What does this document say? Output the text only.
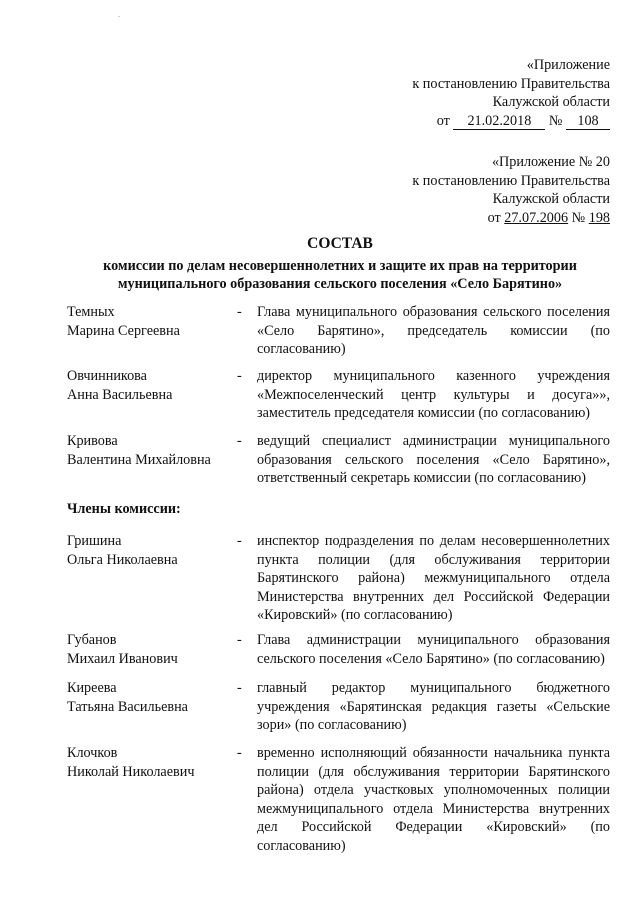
.
«Приложение
к постановлению Правительства
Калужской области
от 21.02.2018 № 108
«Приложение № 20
к постановлению Правительства
Калужской области
от 27.07.2006 № 198
СОСТАВ
комиссии по делам несовершеннолетних и защите их прав на территории
муниципального образования сельского поселения «Село Барятино»
Темных
Марина Сергеевна
- Глава муниципального образования сельского поселения «Село Барятино», председатель комиссии (по согласованию)
Овчинникова
Анна Васильевна
- директор муниципального казенного учреждения «Межпоселенческий центр культуры и досуга»», заместитель председателя комиссии (по согласованию)
Кривова
Валентина Михайловна
- ведущий специалист администрации муниципального образования сельского поселения «Село Барятино», ответственный секретарь комиссии (по согласованию)
Члены комиссии:
Гришина
Ольга Николаевна
- инспектор подразделения по делам несовершеннолетних пункта полиции (для обслуживания территории Барятинского района) межмуниципального отдела Министерства внутренних дел Российской Федерации «Кировский» (по согласованию)
Губанов
Михаил Иванович
- Глава администрации муниципального образования сельского поселения «Село Барятино» (по согласованию)
Киреева
Татьяна Васильевна
- главный редактор муниципального бюджетного учреждения «Барятинская редакция газеты «Сельские зори» (по согласованию)
Клочков
Николай Николаевич
- временно исполняющий обязанности начальника пункта полиции (для обслуживания территории Барятинского района) отдела участковых уполномоченных полиции межмуниципального отдела Министерства внутренних дел Российской Федерации «Кировский» (по согласованию)
